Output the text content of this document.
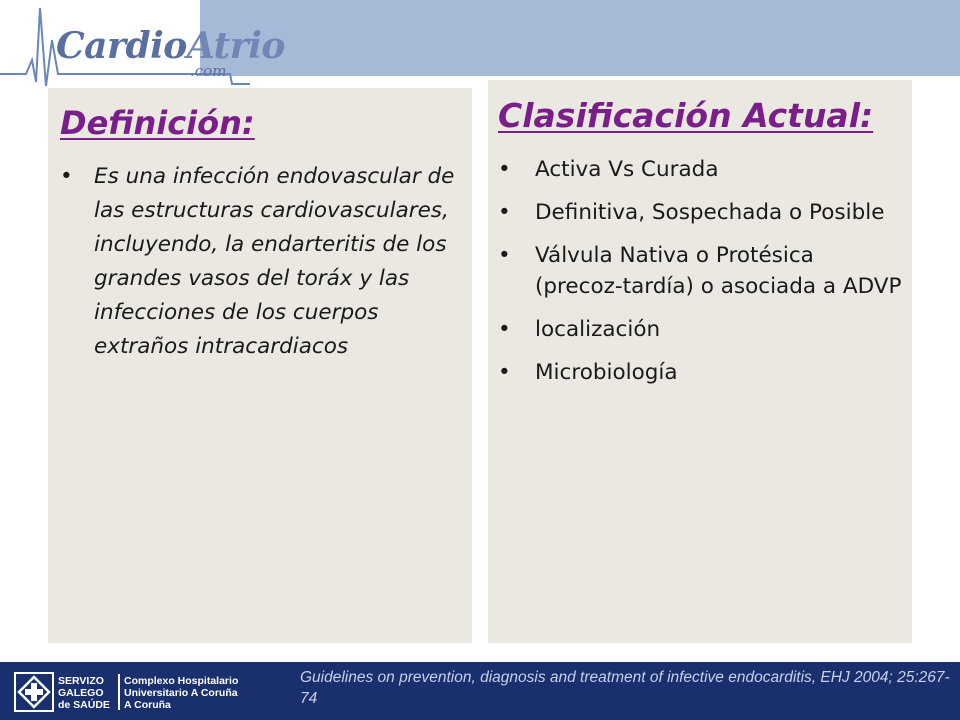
CardioAtrio
.com
Definición:
• Es una infección endovascular de las estructuras cardiovasculares, incluyendo, la endarteritis de los grandes vasos del toráx y las infecciones de los cuerpos extraños intracardiacos
Clasificación Actual:
• Activa Vs Curada
• Definitiva, Sospechada o Posible
• Válvula Nativa o Protésica (precoz-tardía) o asociada a ADVP
• localización
• Microbiología
SERVIZO
GALEGO
de SAÚDE
Complexo Hospitalario
Universitario A Coruña
A Coruña
Guidelines on prevention, diagnosis and treatment of infective endocarditis, EHJ 2004; 25:267-74
